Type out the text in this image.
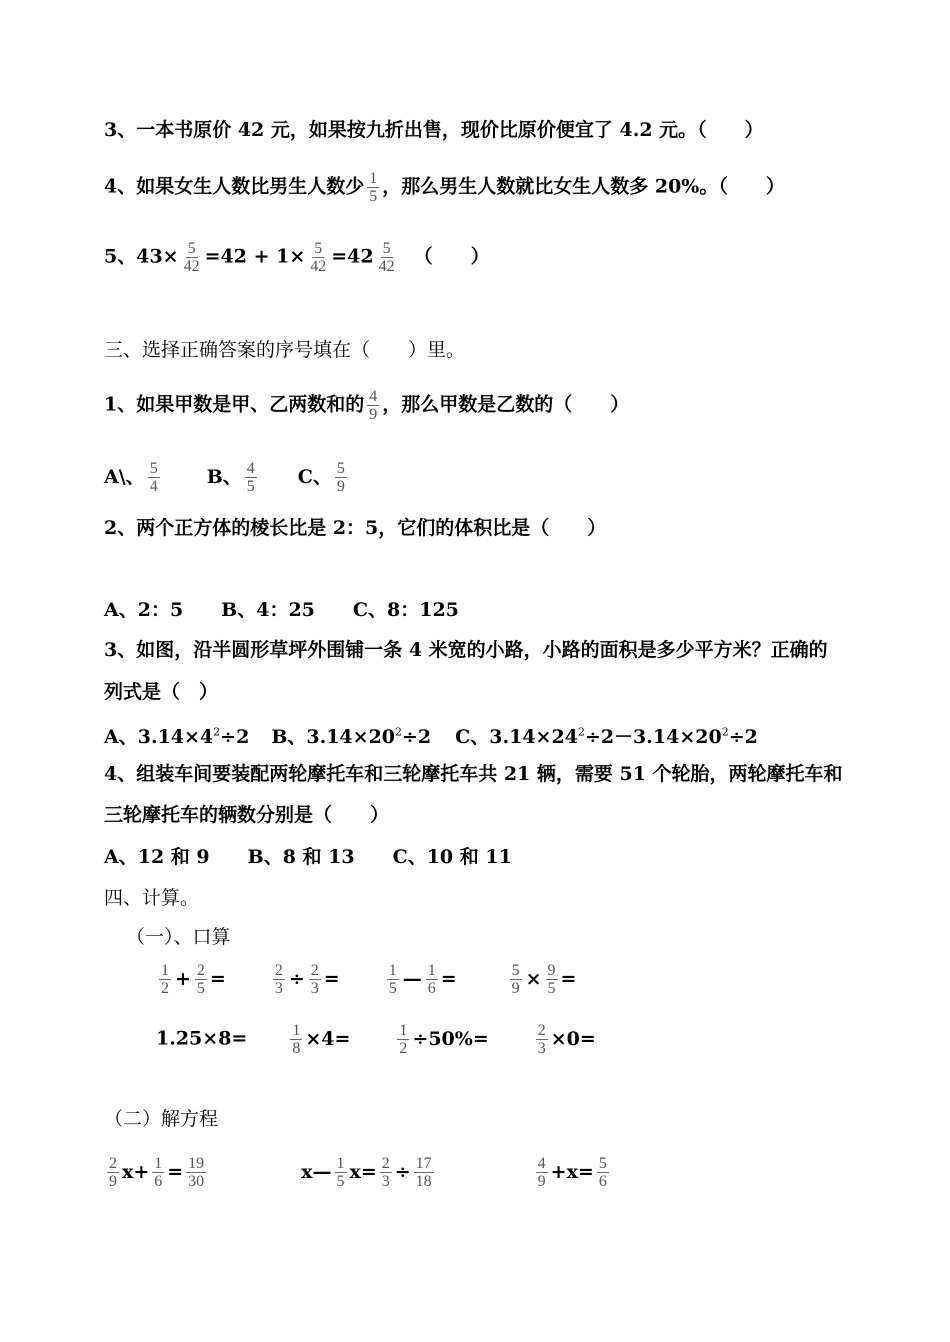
3、一本书原价 42 元，如果按九折出售，现价比原价便宜了 4.2 元。（　　）
4、如果女生人数比男生人数少 $\frac{1}{5}$ ，那么男生人数就比女生人数多 20%。（　　）
5、$43\times \frac{5}{42} =42 + 1\times \frac{5}{42} =42 \frac{5}{42}$ （　　）
三、选择正确答案的序号填在（　　）里。
1、如果甲数是甲、乙两数和的 $\frac{4}{9}$ ，那么甲数是乙数的（　　）
A\、 $\frac{5}{4}$ B、 $\frac{4}{5}$ C、 $\frac{5}{9}$
2、两个正方体的棱长比是 2：5，它们的体积比是（　　）
A、2：5　　B、4：25　　C、8：125
3、如图，沿半圆形草坪外围铺一条 4 米宽的小路，小路的面积是多少平方米？正确的
列式是（　）
A、$3.14\times 4^2\div 2$ B、$3.14\times 20^2\div 2$ C、$3.14\times 24^2\div 2-3.14\times 20^2\div 2$
4、组装车间要装配两轮摩托车和三轮摩托车共 21 辆，需要 51 个轮胎，两轮摩托车和
三轮摩托车的辆数分别是（　　）
A、12 和 9　　B、8 和 13　　C、10 和 11
四、计算。
（一）、口算
$\frac{1}{2} + \frac{2}{5}$ =	$\frac{2}{3} \div \frac{2}{3}$ =	$\frac{1}{5}$ — $\frac{1}{6}$ =	$\frac{5}{9} \times \frac{9}{5}$ =
1.25×8=	$\frac{1}{8} \times 4=$	$\frac{1}{2} \div 50\%=$	$\frac{2}{3} \times 0=$
（二）解方程
$\frac{2}{9} x+ \frac{1}{6} = \frac{19}{30}$	x— $\frac{1}{5} x= \frac{2}{3} \div \frac{17}{18}$	$\frac{4}{9} +x= \frac{5}{6}$
